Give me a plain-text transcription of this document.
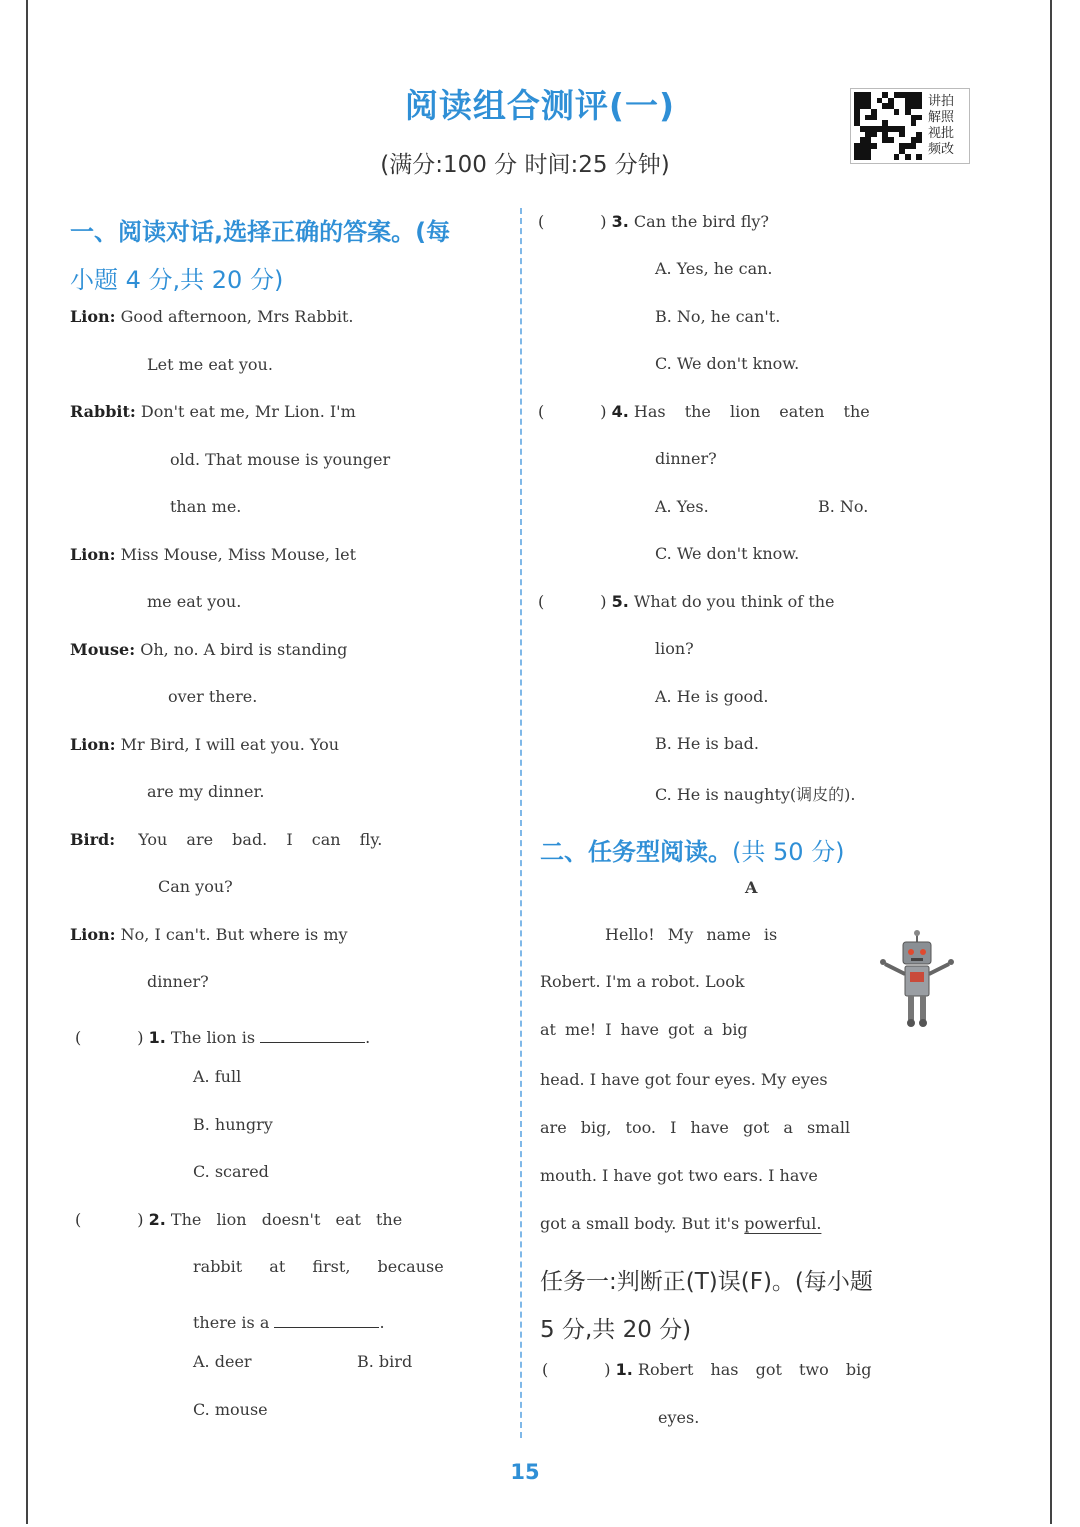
阅读组合测评(一)
(满分:100 分 时间:25 分钟)
讲拍
解照
视批
频改
一、阅读对话,选择正确的答案。(每
小题 4 分,共 20 分)
Lion: Good afternoon, Mrs Rabbit.
Let me eat you.
Rabbit: Don't eat me, Mr Lion. I'm
old. That mouse is younger
than me.
Lion: Miss Mouse, Miss Mouse, let
me eat you.
Mouse: Oh, no. A bird is standing
over there.
Lion: Mr Bird, I will eat you. You
are my dinner.
Bird: You are bad. I can fly.
Can you?
Lion: No, I can't. But where is my
dinner?
(	) 1. The lion is	.
A. full
B. hungry
C. scared
(	) 2. The lion doesn't eat the
rabbit at first, because
there is a	.
A. deer	B. bird
C. mouse
(	) 3. Can the bird fly?
A. Yes, he can.
B. No, he can't.
C. We don't know.
(	) 4. Has the lion eaten the
dinner?
A. Yes.	B. No.
C. We don't know.
(	) 5. What do you think of the
lion?
A. He is good.
B. He is bad.
C. He is naughty(调皮的).
二、任务型阅读。(共 50 分)
A
Hello! My name is
Robert. I'm a robot. Look
at me! I have got a big
head. I have got four eyes. My eyes
are big, too. I have got a small
mouth. I have got two ears. I have
got a small body. But it's powerful.
任务一:判断正(T)误(F)。(每小题
5 分,共 20 分)
(	) 1. Robert has got two big
eyes.
15
